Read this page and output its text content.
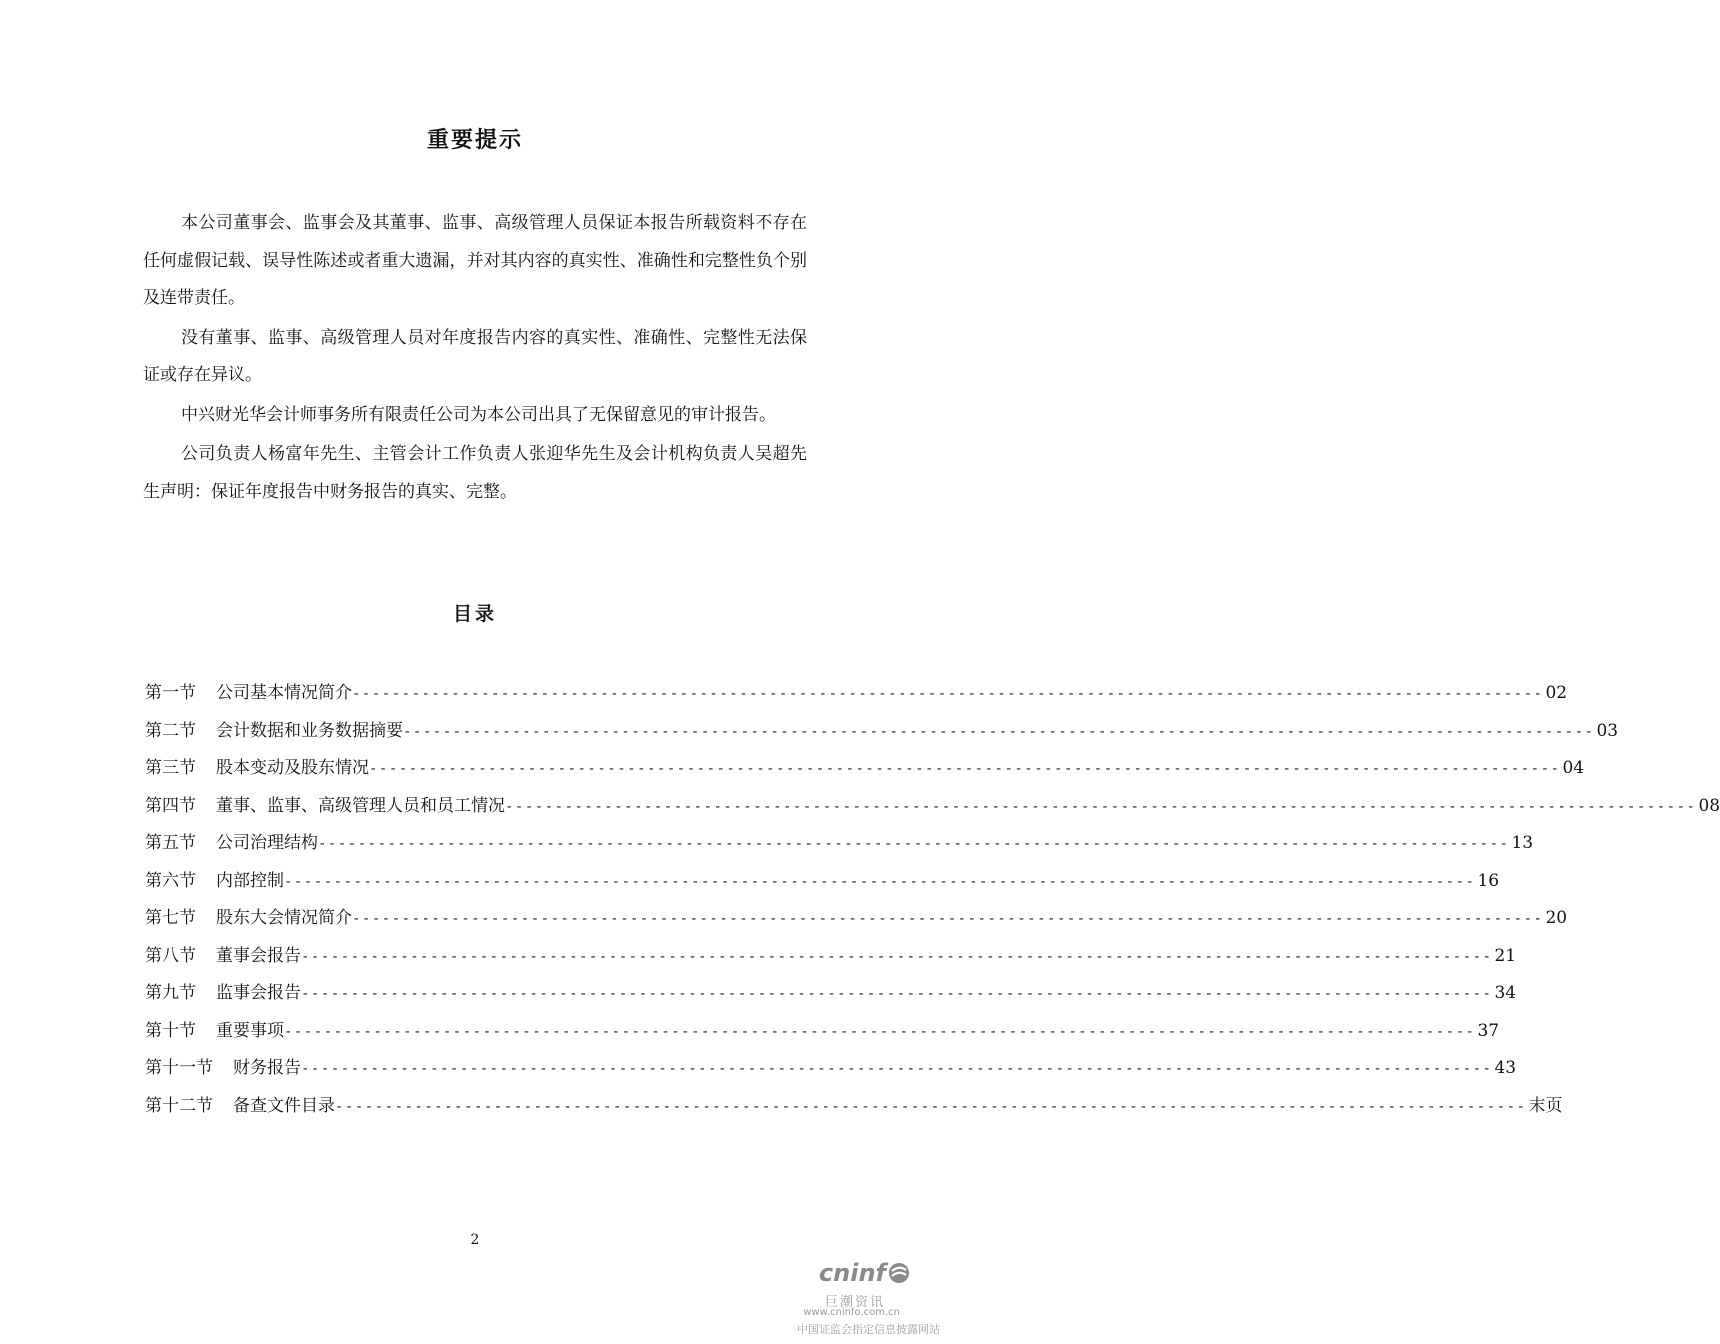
重要提示

本公司董事会、监事会及其董事、监事、高级管理人员保证本报告所载资料不存在任何虚假记载、误导性陈述或者重大遗漏，并对其内容的真实性、准确性和完整性负个别及连带责任。

没有董事、监事、高级管理人员对年度报告内容的真实性、准确性、完整性无法保证或存在异议。

中兴财光华会计师事务所有限责任公司为本公司出具了无保留意见的审计报告。

公司负责人杨富年先生、主管会计工作负责人张迎华先生及会计机构负责人吴超先生声明：保证年度报告中财务报告的真实、完整。

目录
第一节 公司基本情况简介 ------------------------------------------------------------------------------------------------------------------------ 02
第二节 会计数据和业务数据摘要 ------------------------------------------------------------------------------------------------------------------------ 03
第三节 股本变动及股东情况 ------------------------------------------------------------------------------------------------------------------------ 04
第四节 董事、监事、高级管理人员和员工情况 ------------------------------------------------------------------------------------------------------------------------ 08
第五节 公司治理结构 ------------------------------------------------------------------------------------------------------------------------ 13
第六节 内部控制 ------------------------------------------------------------------------------------------------------------------------ 16
第七节 股东大会情况简介 ------------------------------------------------------------------------------------------------------------------------ 20
第八节 董事会报告 ------------------------------------------------------------------------------------------------------------------------ 21
第九节 监事会报告 ------------------------------------------------------------------------------------------------------------------------ 34
第十节 重要事项 ------------------------------------------------------------------------------------------------------------------------ 37
第十一节 财务报告 ------------------------------------------------------------------------------------------------------------------------ 43
第十二节 备查文件目录 ------------------------------------------------------------------------------------------------------------------------ 末页
2
cninf
巨潮资讯
www.cninfo.com.cn
中国证监会指定信息披露网站
